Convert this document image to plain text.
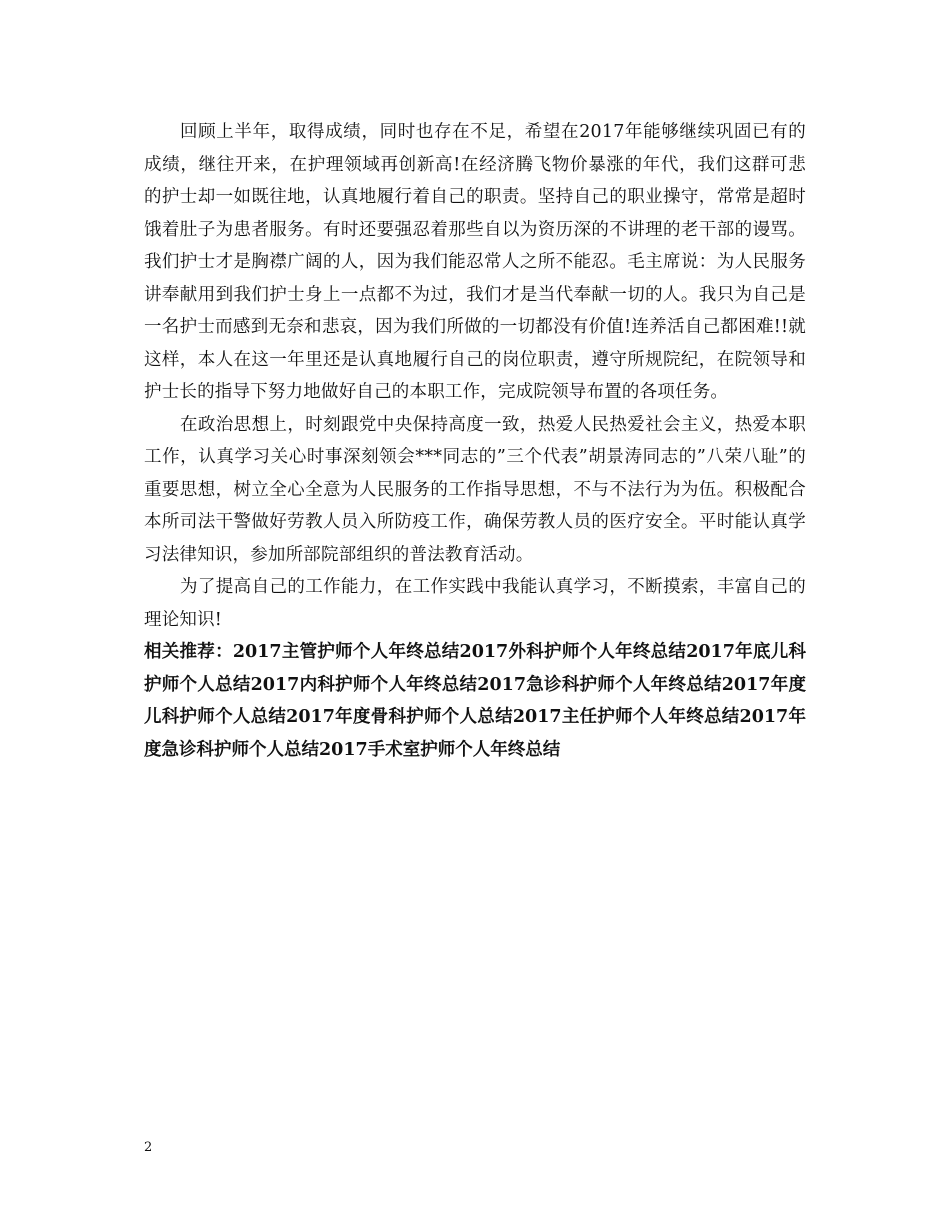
回顾上半年，取得成绩，同时也存在不足，希望在2017年能够继续巩固已有的成绩，继往开来，在护理领域再创新高!在经济腾飞物价暴涨的年代，我们这群可悲的护士却一如既往地，认真地履行着自己的职责。坚持自己的职业操守，常常是超时饿着肚子为患者服务。有时还要强忍着那些自以为资历深的不讲理的老干部的谩骂。我们护士才是胸襟广阔的人，因为我们能忍常人之所不能忍。毛主席说：为人民服务讲奉献用到我们护士身上一点都不为过，我们才是当代奉献一切的人。我只为自己是一名护士而感到无奈和悲哀，因为我们所做的一切都没有价值!连养活自己都困难!!就这样，本人在这一年里还是认真地履行自己的岗位职责，遵守所规院纪，在院领导和护士长的指导下努力地做好自己的本职工作，完成院领导布置的各项任务。

在政治思想上，时刻跟党中央保持高度一致，热爱人民热爱社会主义，热爱本职工作，认真学习关心时事深刻领会***同志的”三个代表”胡景涛同志的”八荣八耻”的重要思想，树立全心全意为人民服务的工作指导思想，不与不法行为为伍。积极配合本所司法干警做好劳教人员入所防疫工作，确保劳教人员的医疗安全。平时能认真学习法律知识，参加所部院部组织的普法教育活动。

为了提高自己的工作能力，在工作实践中我能认真学习，不断摸索，丰富自己的理论知识!

相关推荐：2017主管护师个人年终总结2017外科护师个人年终总结2017年底儿科护师个人总结2017内科护师个人年终总结2017急诊科护师个人年终总结2017年度儿科护师个人总结2017年度骨科护师个人总结2017主任护师个人年终总结2017年度急诊科护师个人总结2017手术室护师个人年终总结

2
